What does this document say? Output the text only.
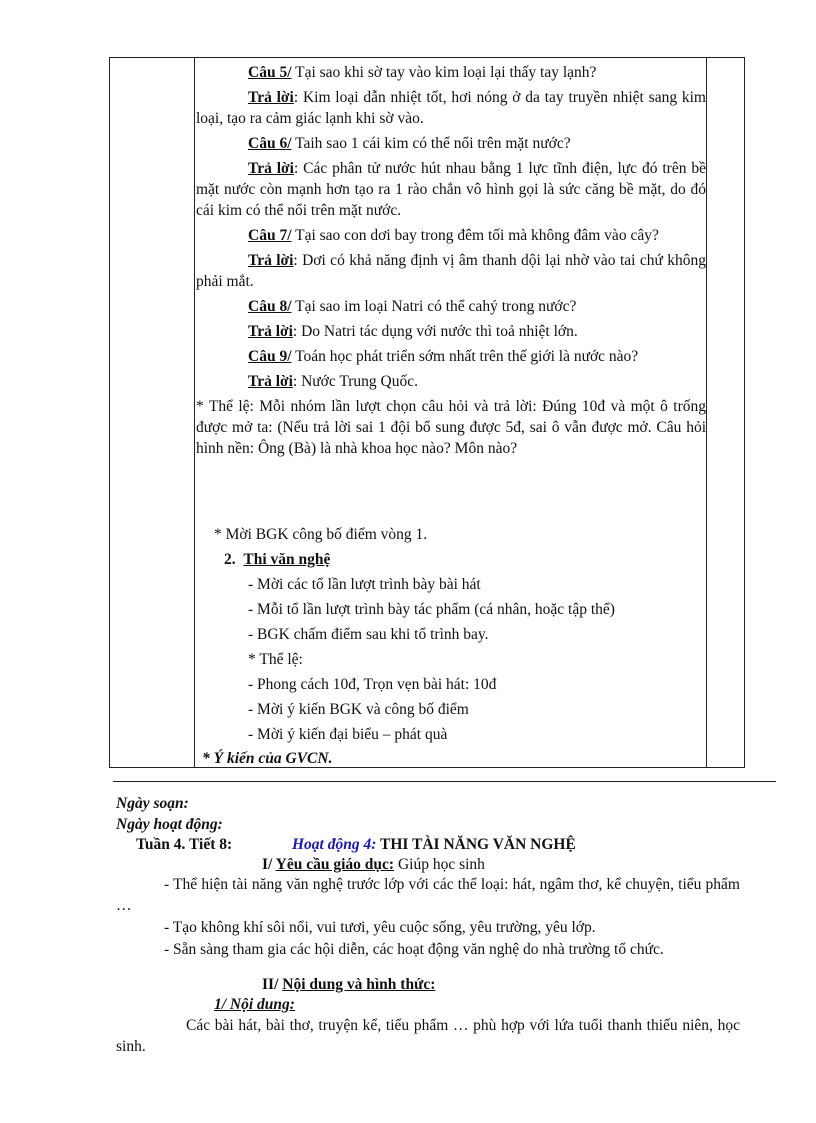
Câu 5/ Tại sao khi sờ tay vào kim loại lại thấy tay lạnh?

Trả lời: Kim loại dẫn nhiệt tốt, hơi nóng ở da tay truyền nhiệt sang kim loại, tạo ra cảm giác lạnh khi sờ vào.

Câu 6/ Taih sao 1 cái kim có thể nổi trên mặt nước?

Trả lời: Các phân tử nước hút nhau bằng 1 lực tĩnh điện, lực đó trên bề mặt nước còn mạnh hơn tạo ra 1 rào chắn vô hình gọi là sức căng bề mặt, do đó cái kim có thể nổi trên mặt nước.

Câu 7/ Tại sao con dơi bay trong đêm tối mà không đâm vào cây?

Trả lời: Dơi có khả năng định vị âm thanh dội lại nhờ vào tai chứ không phải mắt.

Câu 8/ Tại sao im loại Natri có thể cahý trong nước?

Trả lời: Do Natri tác dụng với nước thì toả nhiệt lớn.

Câu 9/ Toán học phát triển sớm nhất trên thế giới là nước nào?

Trả lời: Nước Trung Quốc.

* Thể lệ: Mỗi nhóm lần lượt chọn câu hỏi và trả lời: Đúng 10đ và một ô trống được mở ta: (Nếu trả lời sai 1 đội bổ sung được 5đ, sai ô vẫn được mở. Câu hỏi hình nền: Ông (Bà) là nhà khoa học nào? Môn nào?

* Mời BGK công bố điểm vòng 1.
2. Thi văn nghệ
- Mời các tổ lần lượt trình bày bài hát
- Mỗi tổ lần lượt trình bày tác phẩm (cá nhân, hoặc tập thể)
- BGK chấm điểm sau khi tổ trình bay.
* Thể lệ:
- Phong cách 10đ, Trọn vẹn bài hát: 10đ
- Mời ý kiến BGK và công bố điểm
- Mời ý kiến đại biểu – phát quà
* Ý kiến của GVCN.
Ngày soạn:
Ngày hoạt động:
Tuần 4. Tiết 8:	Hoạt động 4: THI TÀI NĂNG VĂN NGHỆ
I/ Yêu cầu giáo dục: Giúp học sinh

- Thể hiện tài năng văn nghệ trước lớp với các thể loại: hát, ngâm thơ, kể chuyện, tiểu phẩm …

- Tạo không khí sôi nổi, vui tươi, yêu cuộc sống, yêu trường, yêu lớp.

- Sẵn sàng tham gia các hội diễn, các hoạt động văn nghệ do nhà trường tổ chức.

II/ Nội dung và hình thức:
1/ Nội dung:

Các bài hát, bài thơ, truyện kể, tiểu phẩm … phù hợp với lứa tuổi thanh thiếu niên, học sinh.
